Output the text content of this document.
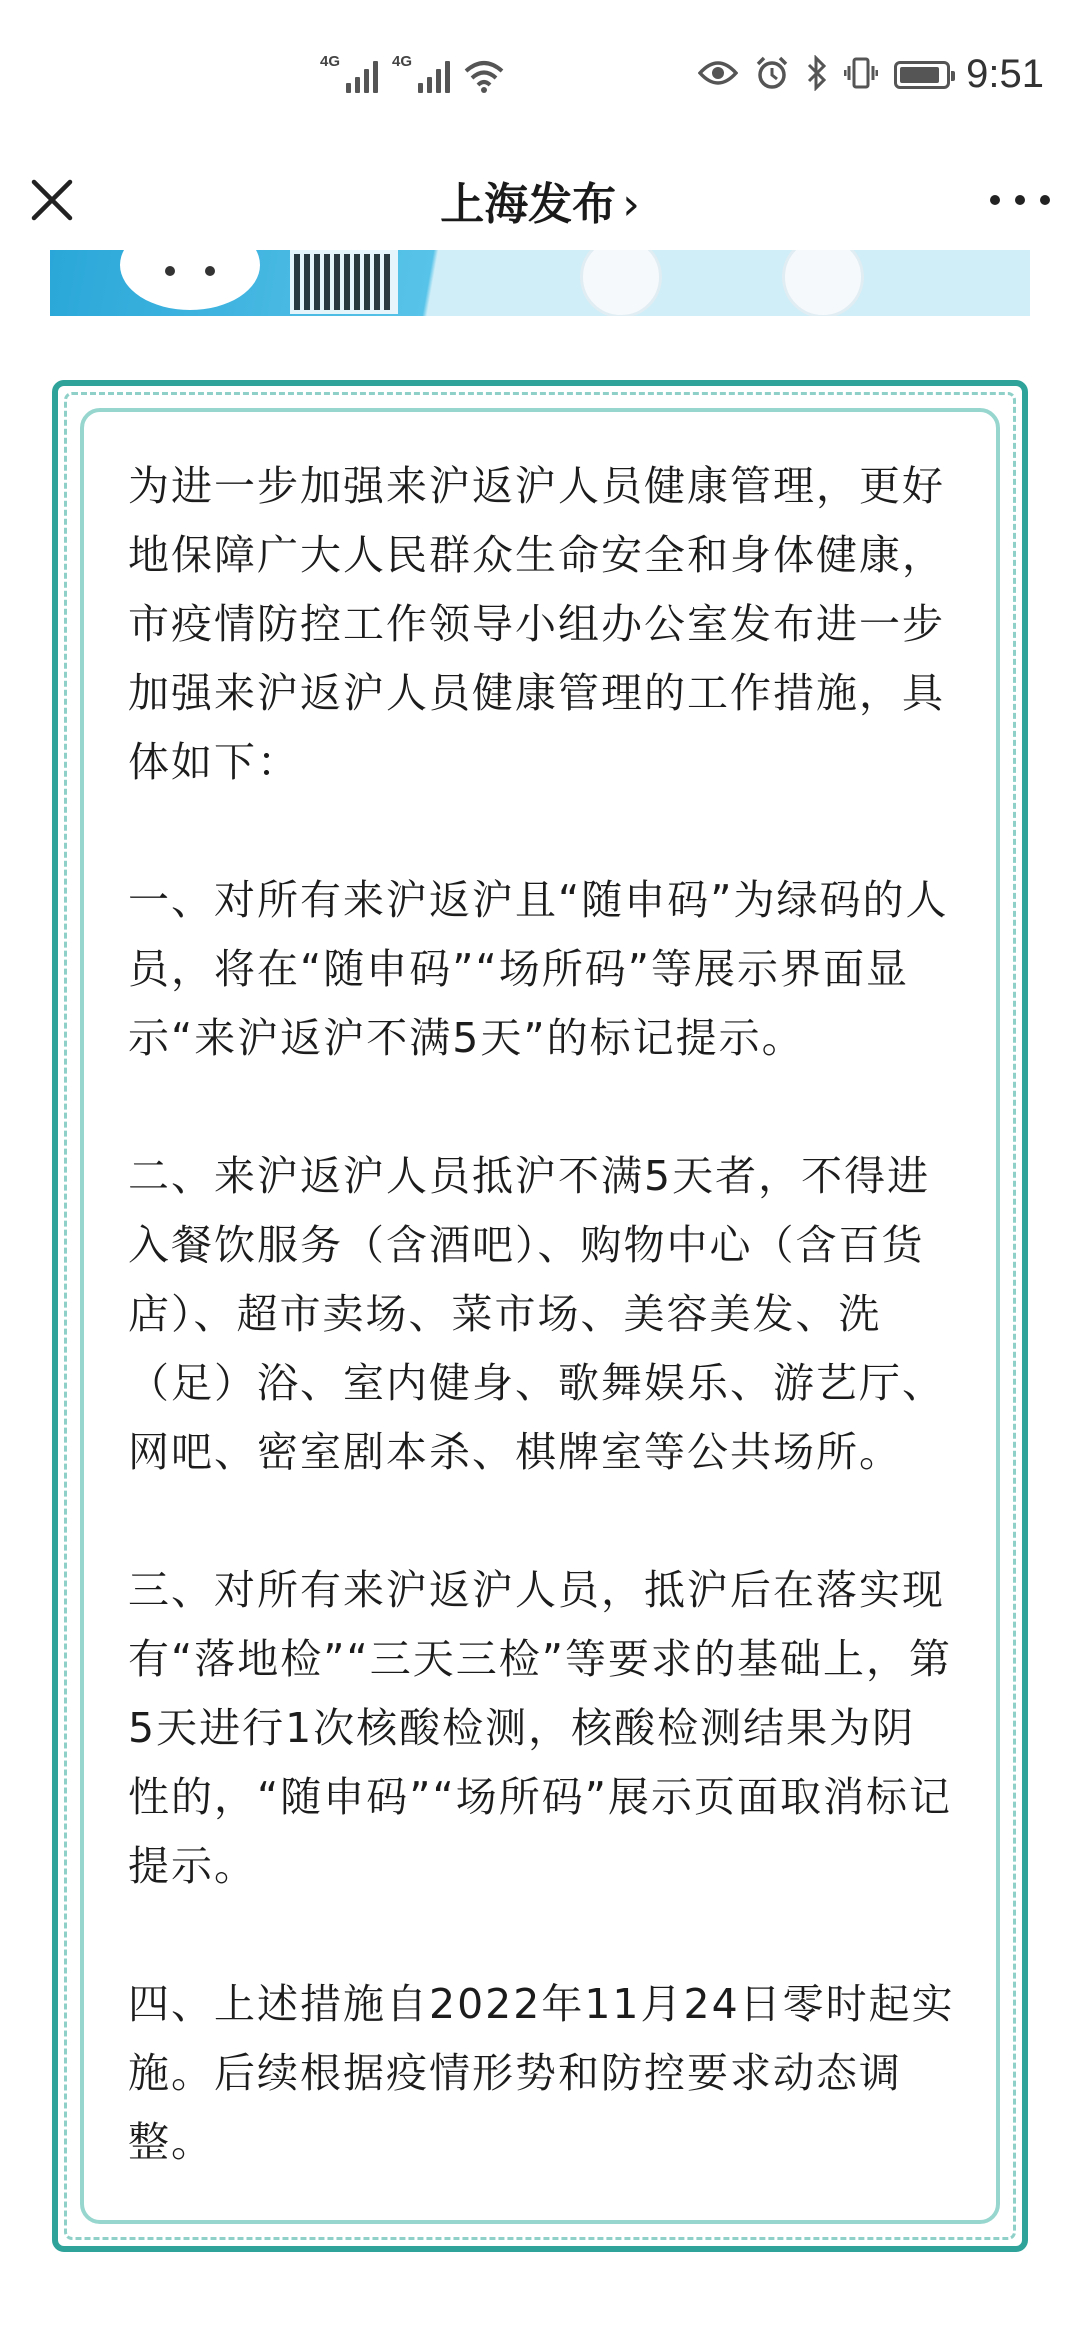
4G	4G	9:51
上海发布 ›

为进一步加强来沪返沪人员健康管理，更好地保障广大人民群众生命安全和身体健康，市疫情防控工作领导小组办公室发布进一步加强来沪返沪人员健康管理的工作措施，具体如下：

一、对所有来沪返沪且“随申码”为绿码的人员，将在“随申码”“场所码”等展示界面显示“来沪返沪不满5天”的标记提示。

二、来沪返沪人员抵沪不满5天者，不得进入餐饮服务（含酒吧）、购物中心（含百货店）、超市卖场、菜市场、美容美发、洗（足）浴、室内健身、歌舞娱乐、游艺厅、网吧、密室剧本杀、棋牌室等公共场所。

三、对所有来沪返沪人员，抵沪后在落实现有“落地检”“三天三检”等要求的基础上，第5天进行1次核酸检测，核酸检测结果为阴性的，“随申码”“场所码”展示页面取消标记提示。

四、上述措施自2022年11月24日零时起实施。后续根据疫情形势和防控要求动态调整。
